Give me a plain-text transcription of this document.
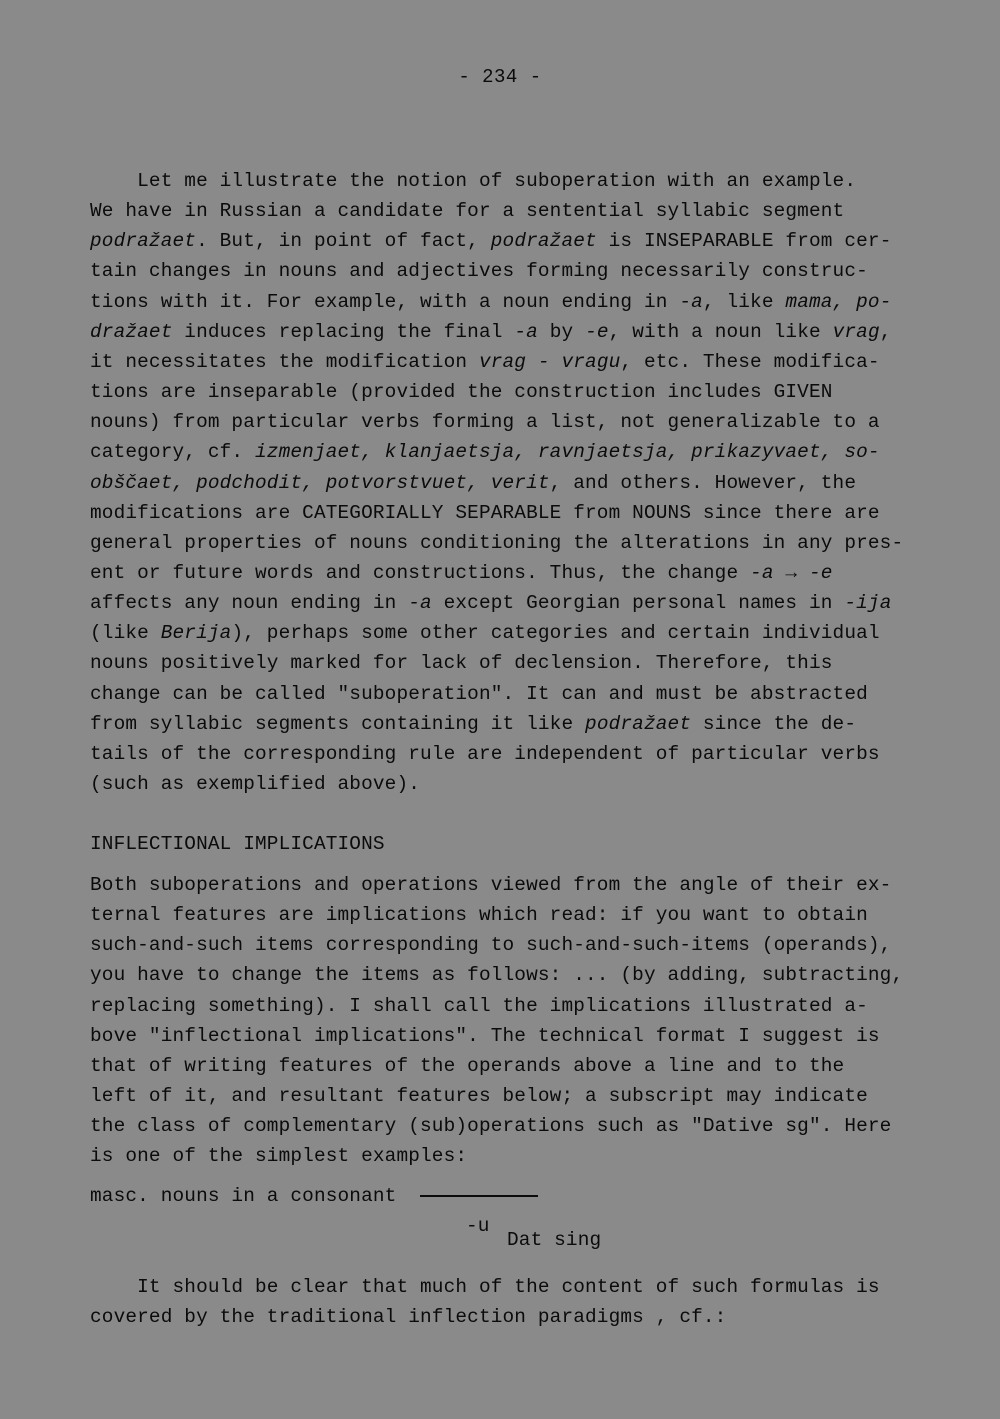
- 234 -
Let me illustrate the notion of suboperation with an example.
We have in Russian a candidate for a sentential syllabic segment
podražaet. But, in point of fact, podražaet is INSEPARABLE from cer-
tain changes in nouns and adjectives forming necessarily construc-
tions with it. For example, with a noun ending in -a, like mama, po-
dražaet induces replacing the final -a by -e, with a noun like vrag,
it necessitates the modification vrag - vragu, etc. These modifica-
tions are inseparable (provided the construction includes GIVEN
nouns) from particular verbs forming a list, not generalizable to a
category, cf. izmenjaet, klanjaetsja, ravnjaetsja, prikazyvaet, so-
obščaet, podchodit, potvorstvuet, verit, and others. However, the
modifications are CATEGORIALLY SEPARABLE from NOUNS since there are
general properties of nouns conditioning the alterations in any pres-
ent or future words and constructions. Thus, the change -a → -e
affects any noun ending in -a except Georgian personal names in -ija
(like Berija), perhaps some other categories and certain individual
nouns positively marked for lack of declension. Therefore, this
change can be called "suboperation". It can and must be abstracted
from syllabic segments containing it like podražaet since the de-
tails of the corresponding rule are independent of particular verbs
(such as exemplified above).
INFLECTIONAL IMPLICATIONS
Both suboperations and operations viewed from the angle of their ex-
ternal features are implications which read: if you want to obtain
such-and-such items corresponding to such-and-such-items (operands),
you have to change the items as follows: ... (by adding, subtracting,
replacing something). I shall call the implications illustrated a-
bove "inflectional implications". The technical format I suggest is
that of writing features of the operands above a line and to the
left of it, and resultant features below; a subscript may indicate
the class of complementary (sub)operations such as "Dative sg". Here
is one of the simplest examples:
masc. nouns in a consonant
-u
Dat sing
It should be clear that much of the content of such formulas is
covered by the traditional inflection paradigms , cf.:
